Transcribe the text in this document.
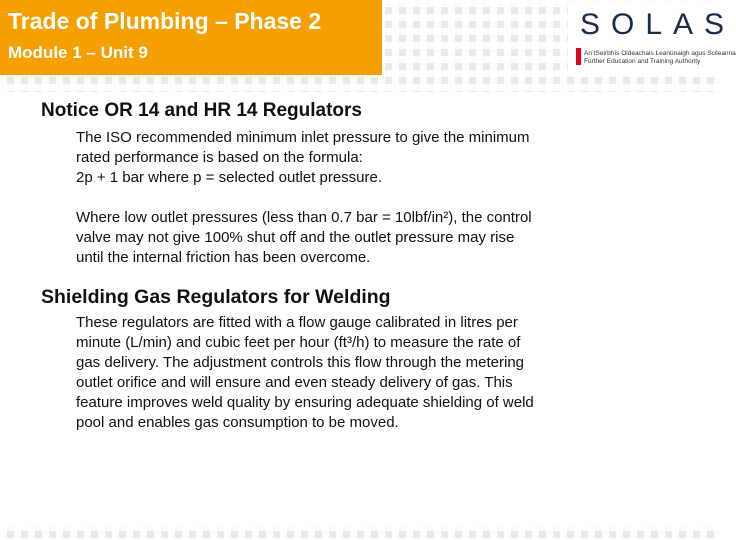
Trade of Plumbing – Phase 2
Module 1 – Unit 9
SOLAS
An tSeirbhís Oideachais Leanúnaigh agus Scileanna
Further Education and Training Authority
Notice OR 14 and HR 14 Regulators

The ISO recommended minimum inlet pressure to give the minimum
rated performance is based on the formula:
2p + 1 bar where p = selected outlet pressure.

Where low outlet pressures (less than 0.7 bar = 10lbf/in²), the control
valve may not give 100% shut off and the outlet pressure may rise
until the internal friction has been overcome.

Shielding Gas Regulators for Welding

These regulators are fitted with a flow gauge calibrated in litres per
minute (L/min) and cubic feet per hour (ft³/h) to measure the rate of
gas delivery. The adjustment controls this flow through the metering
outlet orifice and will ensure and even steady delivery of gas. This
feature improves weld quality by ensuring adequate shielding of weld
pool and enables gas consumption to be moved.
